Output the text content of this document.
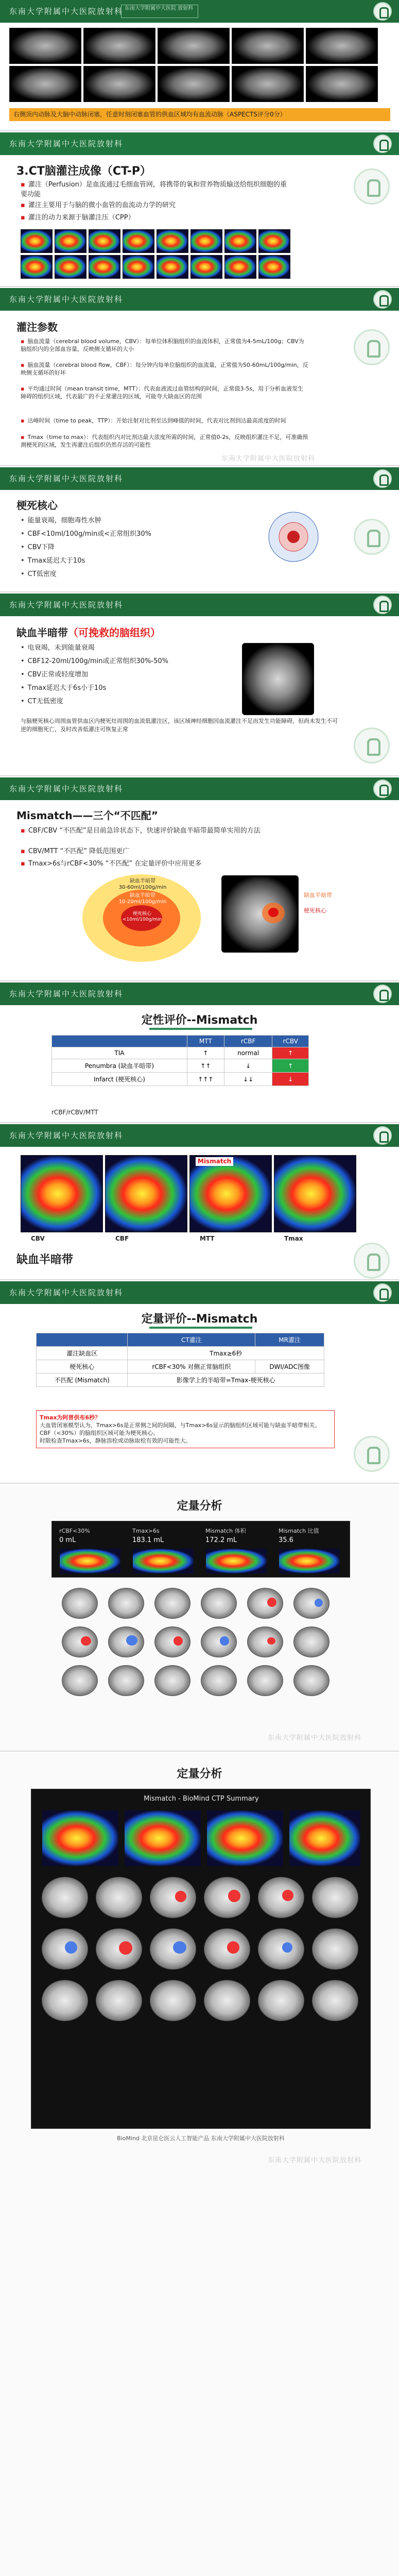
东南大学附属中大医院放射科 东南大学附属中大医院 放射科
右侧顶内动脉及大脑中动脉闭塞，任意时刻闭塞血管的供血区域均有血流动脉（ASPECTS评分0分）
东南大学附属中大医院放射科
3.CT脑灌注成像（CT-P）
▪ 灌注（Perfusion）是血流通过毛细血管网，将携带的氧和营养物质输送给组织细胞的重要功能
▪ 灌注主要用于与脑的微小血管的血流动力学的研究
▪ 灌注的动力来源于脑灌注压（CPP）
东南大学附属中大医院放射科
灌注参数
▪ 脑血流量（cerebral blood volume，CBV）：每单位体积脑组织的血流体积，正常值为4-5mL/100g；CBV为脑组织内的全部血容量，反映侧支循环的大小
▪ 脑血流量（cerebral blood flow，CBF）：每分钟内每单位脑组织的血流量，正常值为50-60mL/100g/min，反映侧支循环的好坏
▪ 平均通过时间（mean transit time，MTT）：代表血液流过血管结构的时间，正常值3-5s，用于分析血液发生障碍的组织区域，代表最广的不正常灌注的区域，可能夸大缺血区的范围
▪ 达峰时间（time to peak，TTP）：开始注射对比剂至达到峰值的时间，代表对比剂到达最高浓度的时间
▪ Tmax（time to max）：代表组织内对比剂达最大浓度所需的时间，正常值0-2s，反映组织灌注不足，可准确预测梗死的区域，发生再灌注后组织仍然存活的可能性
东南大学附属中大医院放射科
东南大学附属中大医院放射科
梗死核心
• 能量衰竭，细胞毒性水肿
• CBF<10ml/100g/min或<正常组织30%
• CBV下降
• Tmax延迟大于10s
• CT低密度
东南大学附属中大医院放射科
缺血半暗带（可挽救的脑组织）
• 电衰竭，未到能量衰竭
• CBF12-20ml/100g/min或正常组织30%-50%
• CBV正常或轻度增加
• Tmax延迟大于6s小于10s
• CT无低密度
与脑梗死核心周围血管供血区内梗死灶周围的血流低灌注区，该区域神经细胞因血流灌注不足而发生功能障碍，但尚未发生不可逆的细胞死亡，及时改善低灌注可恢复正常
东南大学附属中大医院放射科
Mismatch——三个“不匹配”
▪ CBF/CBV “不匹配”是目前急诊状态下，快速评价缺血半暗带最简单实用的方法
▪ CBV/MTT “不匹配” 降低范围更广
▪ Tmax>6s与rCBF<30% “不匹配” 在定量评价中应用更多
缺血半暗带
30-60ml/100g/min
缺血半暗带
10-20ml/100g/min
梗死核心
<10ml/100g/min
缺血半暗带
梗死核心
东南大学附属中大医院放射科
定性评价--Mismatch
	MTT	rCBF	rCBV
TIA	↑	normal	↑
Penumbra (缺血半暗带)	↑↑	↓	↑
Infarct (梗死核心)	↑↑↑	↓↓	↓
rCBF/rCBV/MTT
东南大学附属中大医院放射科
CBV	CBF	MTT	Tmax
Mismatch
缺血半暗带
东南大学附属中大医院放射科
定量评价--Mismatch
	CT灌注	MR灌注
灌注缺血区	Tmax≥6秒	
梗死核心	rCBF<30% 对侧正常脑组织	DWI/ADC图像
不匹配 (Mismatch)	影像学上的半暗带=Tmax-梗死核心	
Tmax为阿普供布6秒？
大血管闭塞模型认为，Tmax>6s是正常侧之间的间隔，与Tmax>6s显示的脑组织区域可能与缺血半暗带相关。
CBF（<30%）的脑组织区域可能为梗死核心。
时限检查Tmax>6s，静脉溶栓或动脉取栓有效的可能性大。
定量分析
rCBF<30%	Tmax>6s	Mismatch 体积	Mismatch 比值
0 mL	183.1 mL	172.2 mL	35.6
东南大学附属中大医院放射科
定量分析
Mismatch - BioMind CTP Summary
BioMind 北京昆仑医云人工智能产品 东南大学附属中大医院放射科
东南大学附属中大医院放射科
